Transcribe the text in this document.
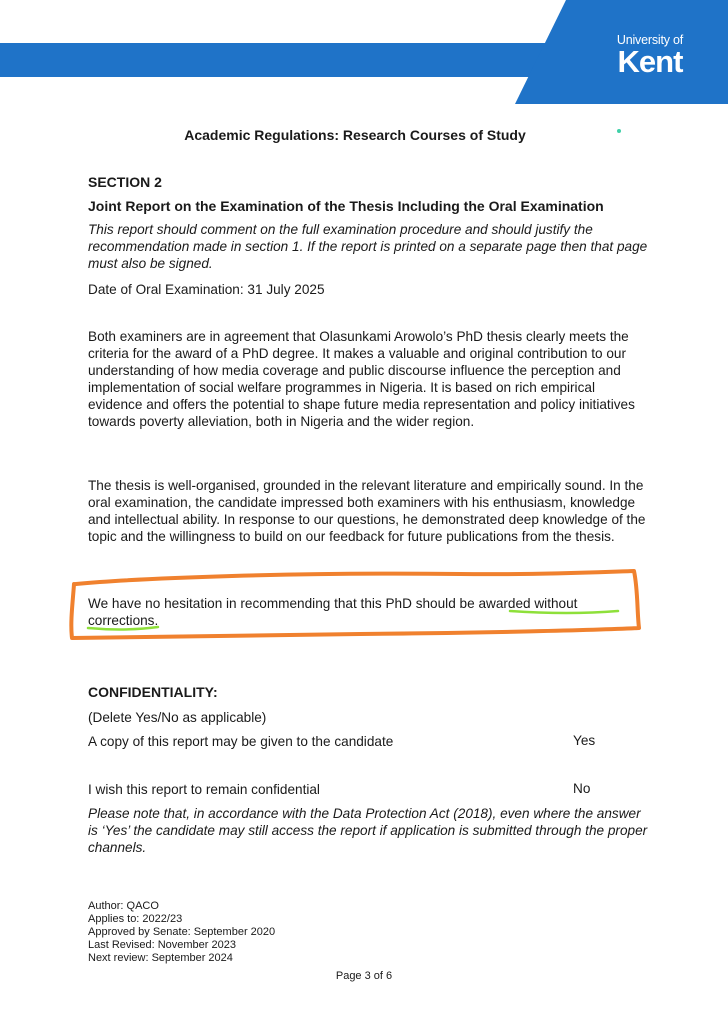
University of
Kent
Academic Regulations: Research Courses of Study
SECTION 2
Joint Report on the Examination of the Thesis Including the Oral Examination
This report should comment on the full examination procedure and should justify the recommendation made in section 1. If the report is printed on a separate page then that page must also be signed.
Date of Oral Examination: 31 July 2025
Both examiners are in agreement that Olasunkami Arowolo’s PhD thesis clearly meets the criteria for the award of a PhD degree. It makes a valuable and original contribution to our understanding of how media coverage and public discourse influence the perception and implementation of social welfare programmes in Nigeria. It is based on rich empirical evidence and offers the potential to shape future media representation and policy initiatives towards poverty alleviation, both in Nigeria and the wider region.
The thesis is well-organised, grounded in the relevant literature and empirically sound. In the oral examination, the candidate impressed both examiners with his enthusiasm, knowledge and intellectual ability. In response to our questions, he demonstrated deep knowledge of the topic and the willingness to build on our feedback for future publications from the thesis.
We have no hesitation in recommending that this PhD should be awarded without
corrections.
CONFIDENTIALITY:
(Delete Yes/No as applicable)
A copy of this report may be given to the candidate	Yes
I wish this report to remain confidential	No
Please note that, in accordance with the Data Protection Act (2018), even where the answer is ‘Yes’ the candidate may still access the report if application is submitted through the proper channels.
Author: QACO
Applies to: 2022/23
Approved by Senate: September 2020
Last Revised: November 2023
Next review: September 2024
Page 3 of 6
